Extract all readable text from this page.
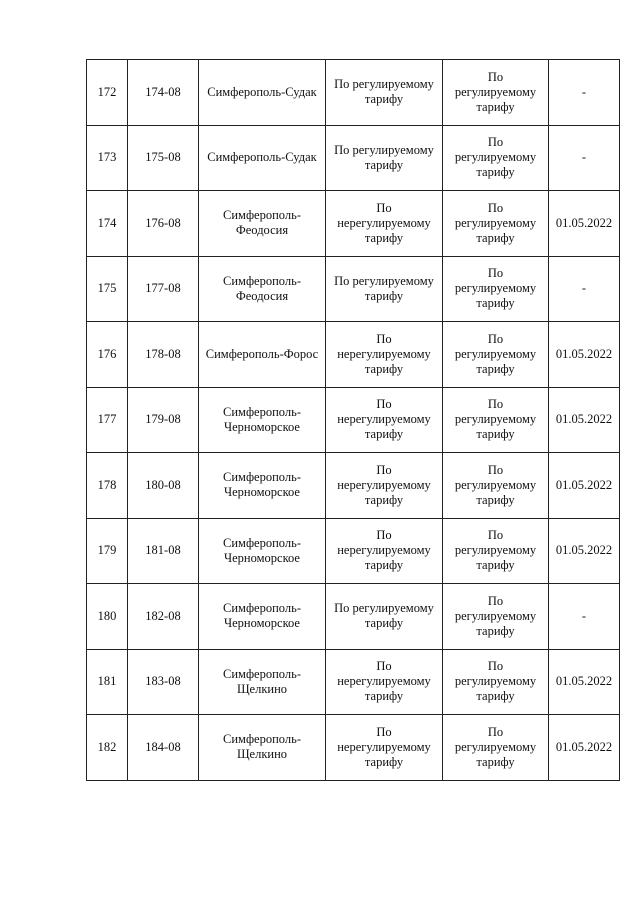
172	174-08	Симферополь-Судак	По регулируемому
тарифу	По
регулируемому
тарифу	-
173	175-08	Симферополь-Судак	По регулируемому
тарифу	По
регулируемому
тарифу	-
174	176-08	Симферополь-
Феодосия	По
нерегулируемому
тарифу	По
регулируемому
тарифу	01.05.2022
175	177-08	Симферополь-
Феодосия	По регулируемому
тарифу	По
регулируемому
тарифу	-
176	178-08	Симферополь-Форос	По
нерегулируемому
тарифу	По
регулируемому
тарифу	01.05.2022
177	179-08	Симферополь-
Черноморское	По
нерегулируемому
тарифу	По
регулируемому
тарифу	01.05.2022
178	180-08	Симферополь-
Черноморское	По
нерегулируемому
тарифу	По
регулируемому
тарифу	01.05.2022
179	181-08	Симферополь-
Черноморское	По
нерегулируемому
тарифу	По
регулируемому
тарифу	01.05.2022
180	182-08	Симферополь-
Черноморское	По регулируемому
тарифу	По
регулируемому
тарифу	-
181	183-08	Симферополь-
Щелкино	По
нерегулируемому
тарифу	По
регулируемому
тарифу	01.05.2022
182	184-08	Симферополь-
Щелкино	По
нерегулируемому
тарифу	По
регулируемому
тарифу	01.05.2022
